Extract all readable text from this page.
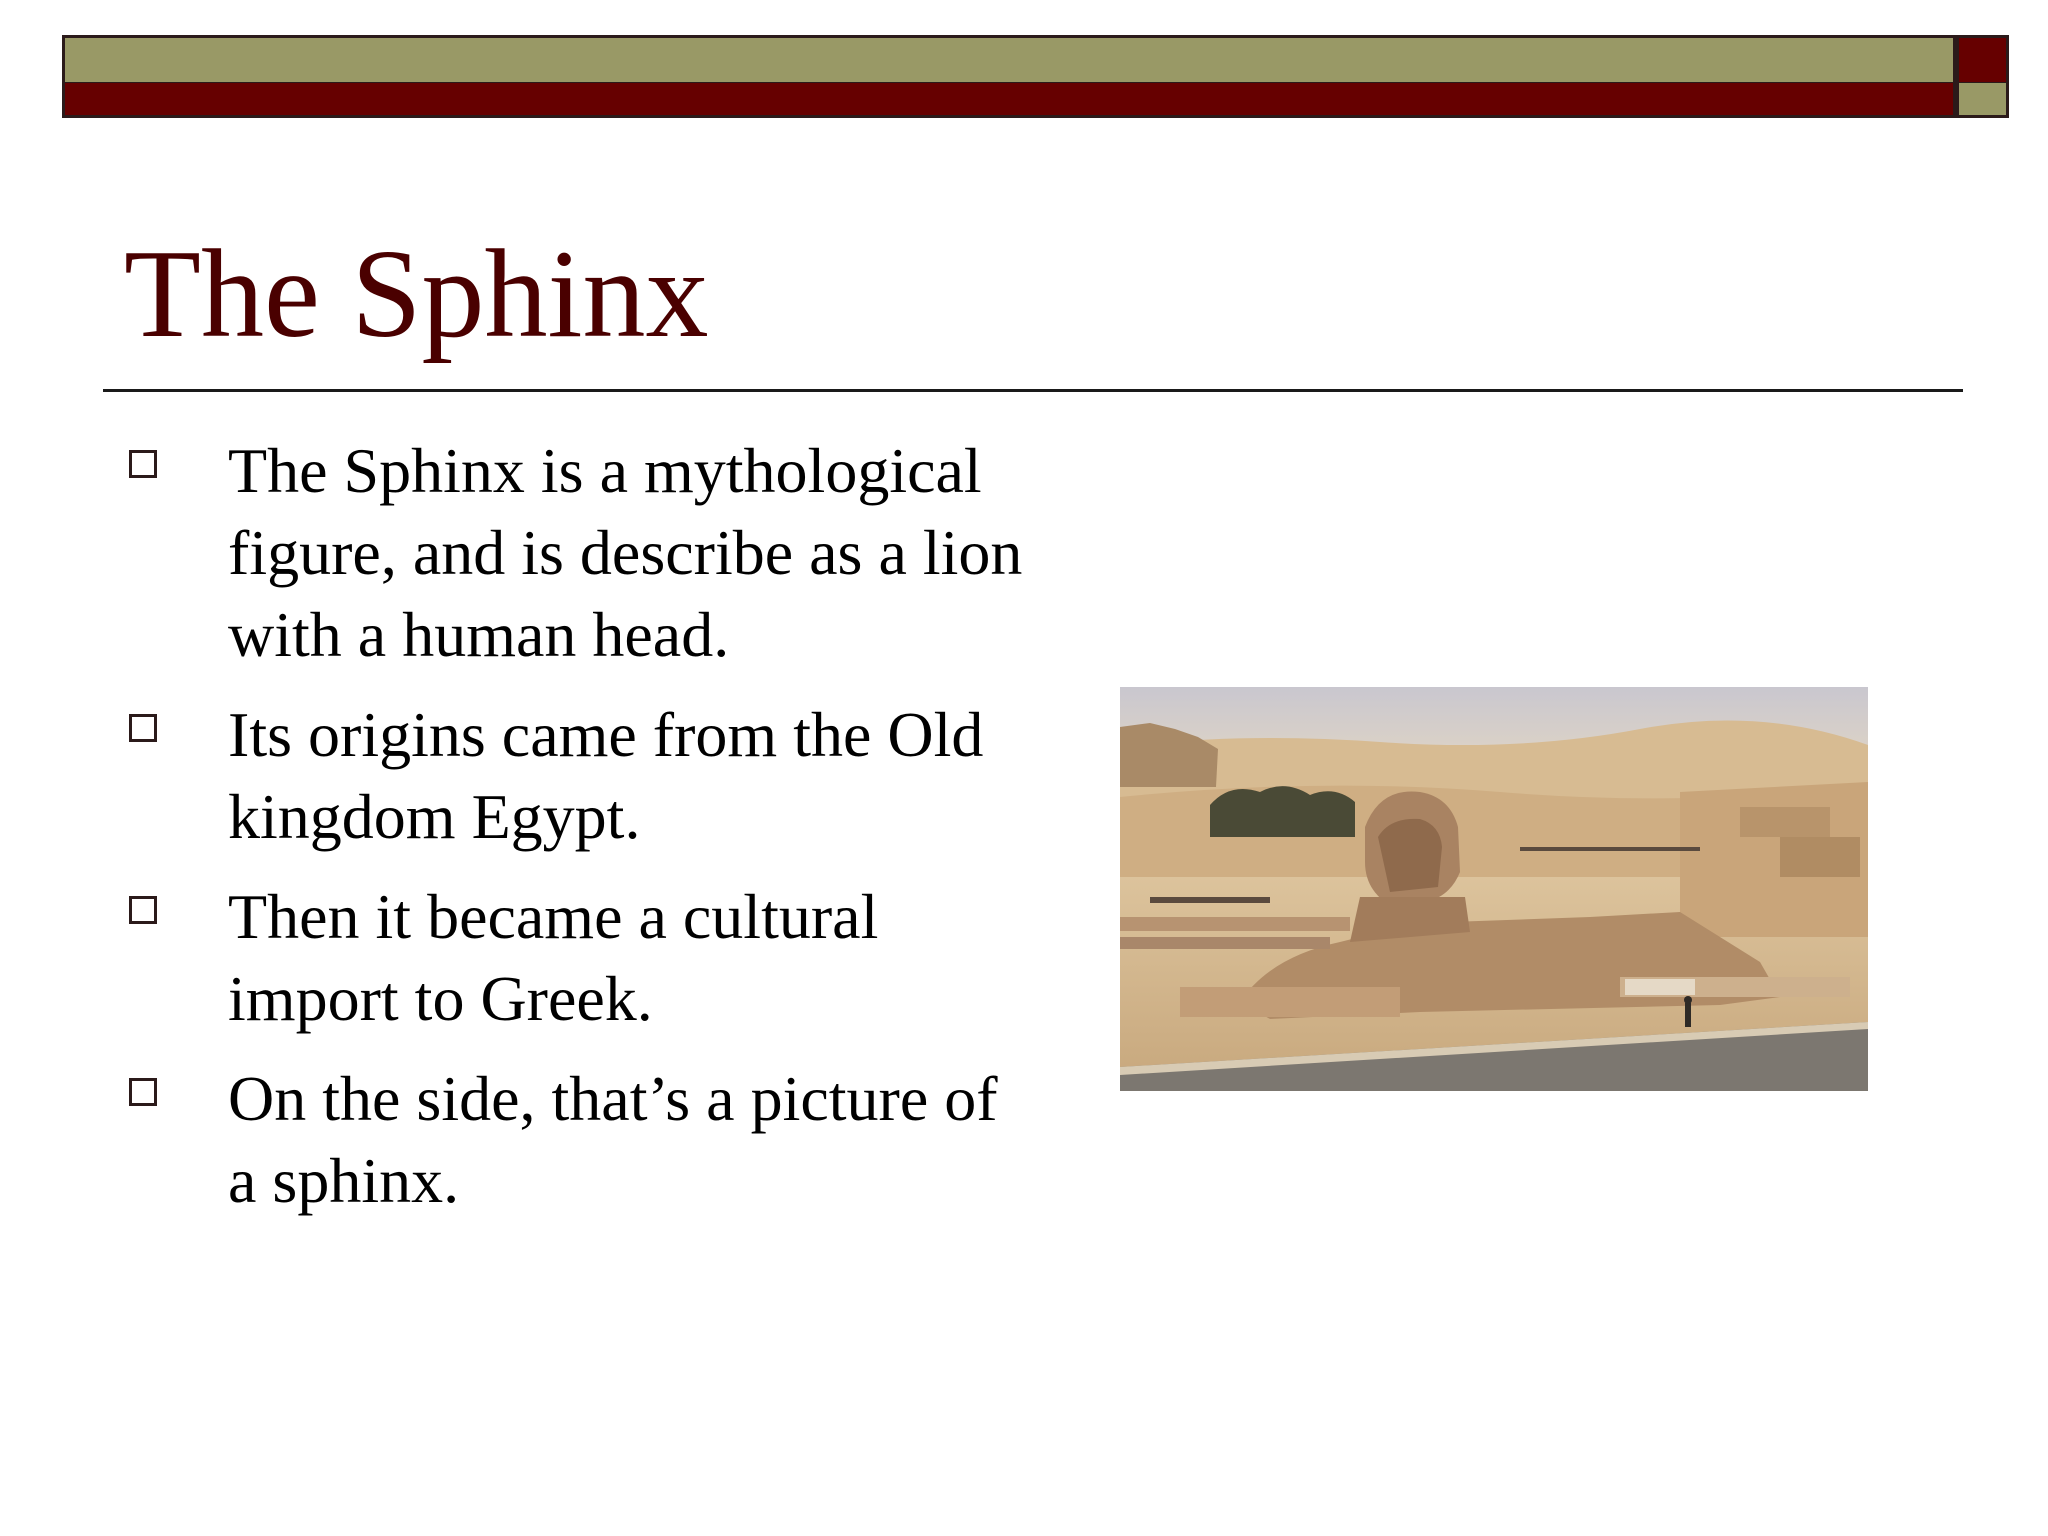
The Sphinx
The Sphinx is a mythological figure, and is describe as a lion with a human head.
Its origins came from the Old kingdom Egypt.
Then it became a cultural import to Greek.
On the side, that’s a picture of a sphinx.
